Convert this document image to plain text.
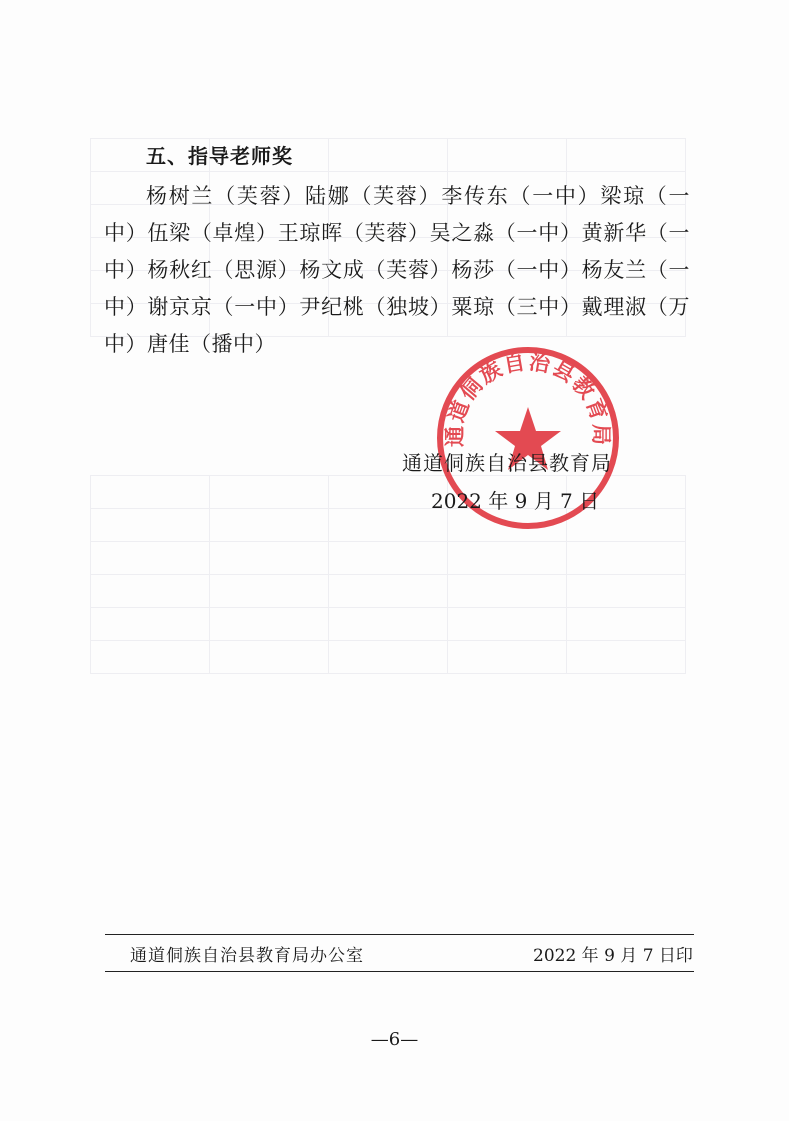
五、指导老师奖
杨树兰（芙蓉）陆娜（芙蓉）李传东（一中）梁琼（一中）伍梁（卓煌）王琼晖（芙蓉）吴之淼（一中）黄新华（一中）杨秋红（思源）杨文成（芙蓉）杨莎（一中）杨友兰（一中）谢京京（一中）尹纪桃（独坡）粟琼（三中）戴理淑（万中）唐佳（播中）
通道侗族自治县教育局
通道侗族自治县教育局
2022 年 9 月 7 日
通道侗族自治县教育局办公室	2022 年 9 月 7 日印
—6—
